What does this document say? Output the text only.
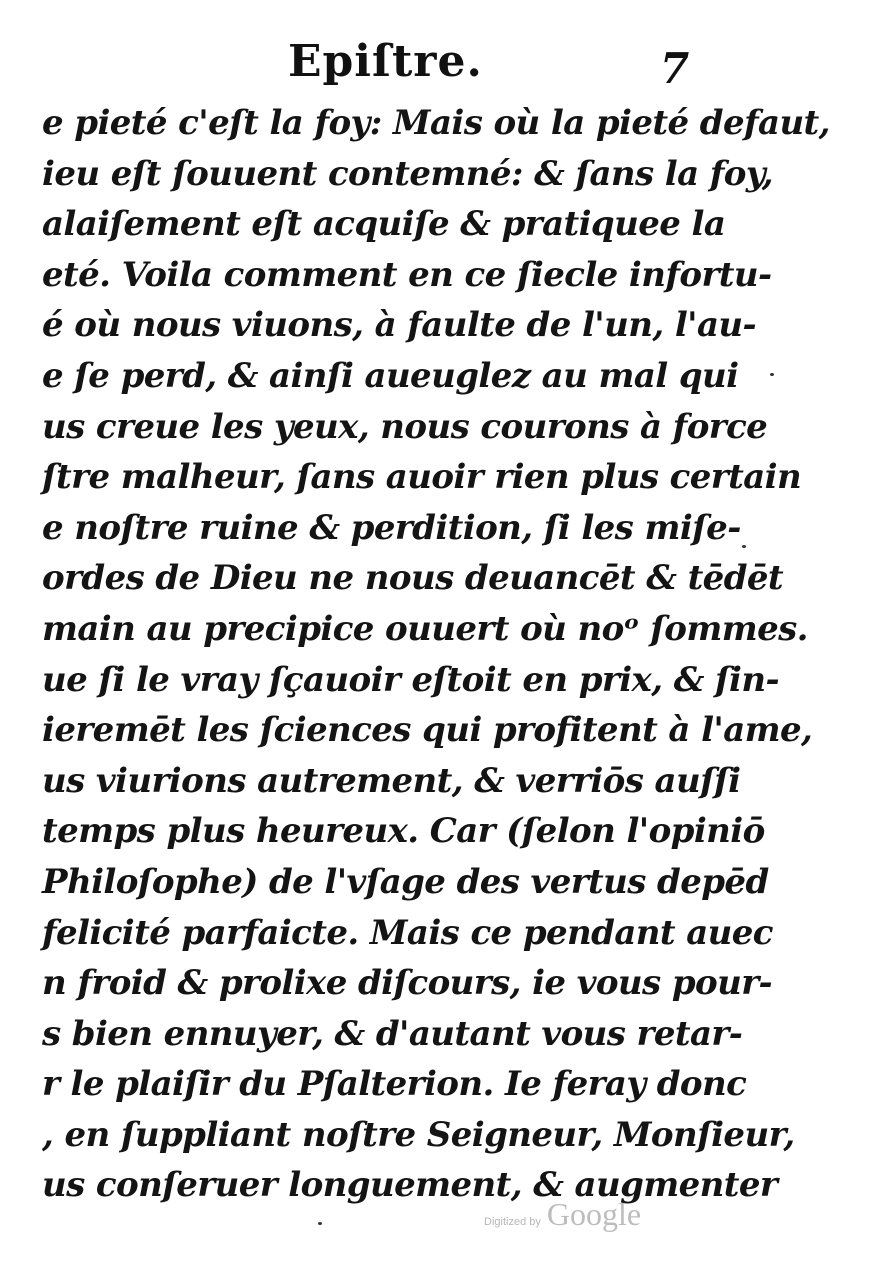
Epiſtre.	7
e pieté c'eſt la foy: Mais où la pieté defaut,
ieu eſt ſouuent contemné: & ſans la foy,
alaiſement eſt acquiſe & pratiquee la
eté. Voila comment en ce ſiecle infortu-
é où nous viuons, à faulte de l'un, l'au-
e ſe perd, & ainſi aueuglez au mal qui
us creue les yeux, nous courons à force
ſtre malheur, ſans auoir rien plus certain
e noſtre ruine & perdition, ſi les miſe-
ordes de Dieu ne nous deuancēt & tēdēt
main au precipice ouuert où noᵒ ſommes.
ue ſi le vray ſçauoir eſtoit en prix, & ſin-
ieremēt les ſciences qui profitent à l'ame,
us viurions autrement, & verriōs auſſi
temps plus heureux. Car (ſelon l'opiniō
Philoſophe) de l'vſage des vertus depēd
felicité parfaicte. Mais ce pendant auec
n froid & prolixe diſcours, ie vous pour-
s bien ennuyer, & d'autant vous retar-
r le plaiſir du Pſalterion. Ie feray donc
, en ſuppliant noſtre Seigneur, Monſieur,
us conſeruer longuement, & augmenter
Digitized by Google
